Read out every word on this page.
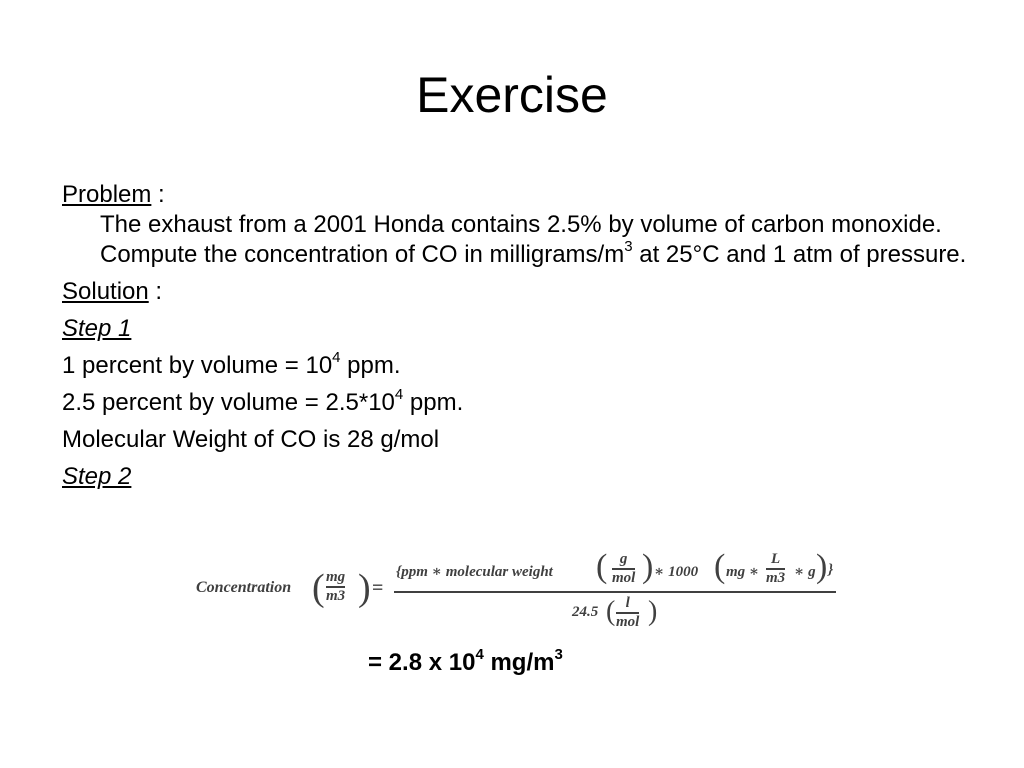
Exercise
Problem :
The exhaust from a 2001 Honda contains 2.5% by volume of carbon monoxide. Compute the concentration of CO in milligrams/$m^3$ at 25°C and 1 atm of pressure.
Solution :
Step 1
1 percent by volume = $10^4$ ppm.
2.5 percent by volume = $2.5*10^4$ ppm.
Molecular Weight of CO is 28 g/mol
Step 2
Concentration ( mg
m3 ) =
{ppm ∗ molecular weight ( g
mol ) ∗ 1000 ( mg ∗
L
m3 ∗ g ) }
24.5 ( l
mol )
= 2.8 x $10^4$ $mg/m^3$
